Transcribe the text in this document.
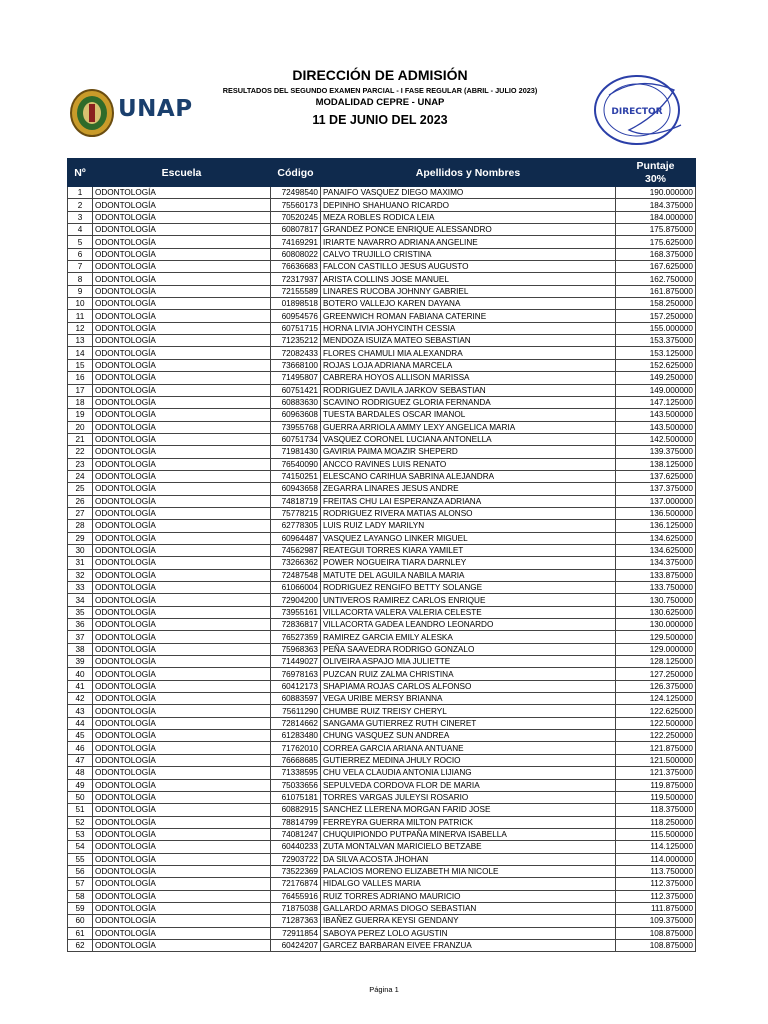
UNAP
DIRECCIÓN DE ADMISIÓN
RESULTADOS DEL SEGUNDO EXAMEN PARCIAL - I FASE REGULAR (ABRIL - JULIO 2023)
MODALIDAD CEPRE - UNAP
11 DE JUNIO DEL 2023
DIRECTOR
Nº	Escuela	Código	Apellidos y Nombres	Puntaje 30%
1	ODONTOLOGÍA	72498540	PANAIFO VASQUEZ DIEGO MAXIMO	190.000000
2	ODONTOLOGÍA	75560173	DEPINHO SHAHUANO RICARDO	184.375000
3	ODONTOLOGÍA	70520245	MEZA ROBLES RODICA LEIA	184.000000
4	ODONTOLOGÍA	60807817	GRANDEZ PONCE ENRIQUE ALESSANDRO	175.875000
5	ODONTOLOGÍA	74169291	IRIARTE NAVARRO ADRIANA ANGELINE	175.625000
6	ODONTOLOGÍA	60808022	CALVO TRUJILLO CRISTINA	168.375000
7	ODONTOLOGÍA	76636683	FALCON CASTILLO JESUS AUGUSTO	167.625000
8	ODONTOLOGÍA	72317937	ARISTA COLLINS JOSE MANUEL	162.750000
9	ODONTOLOGÍA	72155589	LINARES RUCOBA JOHNNY GABRIEL	161.875000
10	ODONTOLOGÍA	01898518	BOTERO VALLEJO KAREN DAYANA	158.250000
11	ODONTOLOGÍA	60954576	GREENWICH ROMAN FABIANA CATERINE	157.250000
12	ODONTOLOGÍA	60751715	HORNA LIVIA JOHYCINTH CESSIA	155.000000
13	ODONTOLOGÍA	71235212	MENDOZA ISUIZA MATEO SEBASTIAN	153.375000
14	ODONTOLOGÍA	72082433	FLORES CHAMULI MIA ALEXANDRA	153.125000
15	ODONTOLOGÍA	73668100	ROJAS LOJA ADRIANA MARCELA	152.625000
16	ODONTOLOGÍA	71495807	CABRERA HOYOS ALLISON MARISSA	149.250000
17	ODONTOLOGÍA	60751421	RODRIGUEZ DAVILA JARKOV SEBASTIAN	149.000000
18	ODONTOLOGÍA	60883630	SCAVINO RODRIGUEZ GLORIA FERNANDA	147.125000
19	ODONTOLOGÍA	60963608	TUESTA BARDALES OSCAR IMANOL	143.500000
20	ODONTOLOGÍA	73955768	GUERRA ARRIOLA AMMY LEXY ANGELICA MARIA	143.500000
21	ODONTOLOGÍA	60751734	VASQUEZ CORONEL LUCIANA ANTONELLA	142.500000
22	ODONTOLOGÍA	71981430	GAVIRIA PAIMA MOAZIR SHEPERD	139.375000
23	ODONTOLOGÍA	76540090	ANCCO RAVINES LUIS RENATO	138.125000
24	ODONTOLOGÍA	74150251	ELESCANO CARIHUA SABRINA ALEJANDRA	137.625000
25	ODONTOLOGÍA	60943658	ZEGARRA LINARES JESUS ANDRE	137.375000
26	ODONTOLOGÍA	74818719	FREITAS CHU LAI ESPERANZA ADRIANA	137.000000
27	ODONTOLOGÍA	75778215	RODRIGUEZ RIVERA MATIAS ALONSO	136.500000
28	ODONTOLOGÍA	62778305	LUIS RUIZ LADY MARILYN	136.125000
29	ODONTOLOGÍA	60964487	VASQUEZ LAYANGO LINKER MIGUEL	134.625000
30	ODONTOLOGÍA	74562987	REATEGUI TORRES KIARA YAMILET	134.625000
31	ODONTOLOGÍA	73266362	POWER NOGUEIRA TIARA DARNLEY	134.375000
32	ODONTOLOGÍA	72487548	MATUTE DEL AGUILA NABILA MARIA	133.875000
33	ODONTOLOGÍA	61066004	RODRIGUEZ RENGIFO BETTY SOLANGE	133.750000
34	ODONTOLOGÍA	72904200	UNTIVEROS RAMIREZ CARLOS ENRIQUE	130.750000
35	ODONTOLOGÍA	73955161	VILLACORTA VALERA VALERIA CELESTE	130.625000
36	ODONTOLOGÍA	72836817	VILLACORTA GADEA LEANDRO LEONARDO	130.000000
37	ODONTOLOGÍA	76527359	RAMIREZ GARCIA EMILY ALESKA	129.500000
38	ODONTOLOGÍA	75968363	PEÑA SAAVEDRA RODRIGO GONZALO	129.000000
39	ODONTOLOGÍA	71449027	OLIVEIRA ASPAJO MIA JULIETTE	128.125000
40	ODONTOLOGÍA	76978163	PUZCAN RUIZ ZALMA CHRISTINA	127.250000
41	ODONTOLOGÍA	60412173	SHAPIAMA ROJAS CARLOS ALFONSO	126.375000
42	ODONTOLOGÍA	60883597	VEGA URIBE MERSY BRIANNA	124.125000
43	ODONTOLOGÍA	75611290	CHUMBE RUIZ TREISY CHERYL	122.625000
44	ODONTOLOGÍA	72814662	SANGAMA GUTIERREZ RUTH CINERET	122.500000
45	ODONTOLOGÍA	61283480	CHUNG VASQUEZ SUN ANDREA	122.250000
46	ODONTOLOGÍA	71762010	CORREA GARCIA ARIANA ANTUANE	121.875000
47	ODONTOLOGÍA	76668685	GUTIERREZ MEDINA JHULY ROCIO	121.500000
48	ODONTOLOGÍA	71338595	CHU VELA CLAUDIA ANTONIA LIJIANG	121.375000
49	ODONTOLOGÍA	75033656	SEPULVEDA CORDOVA FLOR DE MARIA	119.875000
50	ODONTOLOGÍA	61075181	TORRES VARGAS JULEYSI ROSARIO	119.500000
51	ODONTOLOGÍA	60882915	SANCHEZ LLERENA MORGAN FARID JOSE	118.375000
52	ODONTOLOGÍA	78814799	FERREYRA GUERRA MILTON PATRICK	118.250000
53	ODONTOLOGÍA	74081247	CHUQUIPIONDO PUTPAÑA MINERVA ISABELLA	115.500000
54	ODONTOLOGÍA	60440233	ZUTA MONTALVAN MARICIELO BETZABE	114.125000
55	ODONTOLOGÍA	72903722	DA SILVA ACOSTA JHOHAN	114.000000
56	ODONTOLOGÍA	73522369	PALACIOS MORENO ELIZABETH MIA NICOLE	113.750000
57	ODONTOLOGÍA	72176874	HIDALGO VALLES MARIA	112.375000
58	ODONTOLOGÍA	76455916	RUIZ TORRES ADRIANO MAURICIO	112.375000
59	ODONTOLOGÍA	71875038	GALLARDO ARMAS DIOGO SEBASTIAN	111.875000
60	ODONTOLOGÍA	71287363	IBAÑEZ GUERRA KEYSI GENDANY	109.375000
61	ODONTOLOGÍA	72911854	SABOYA PEREZ LOLO AGUSTIN	108.875000
62	ODONTOLOGÍA	60424207	GARCEZ BARBARAN EIVEE FRANZUA	108.875000
Página 1
